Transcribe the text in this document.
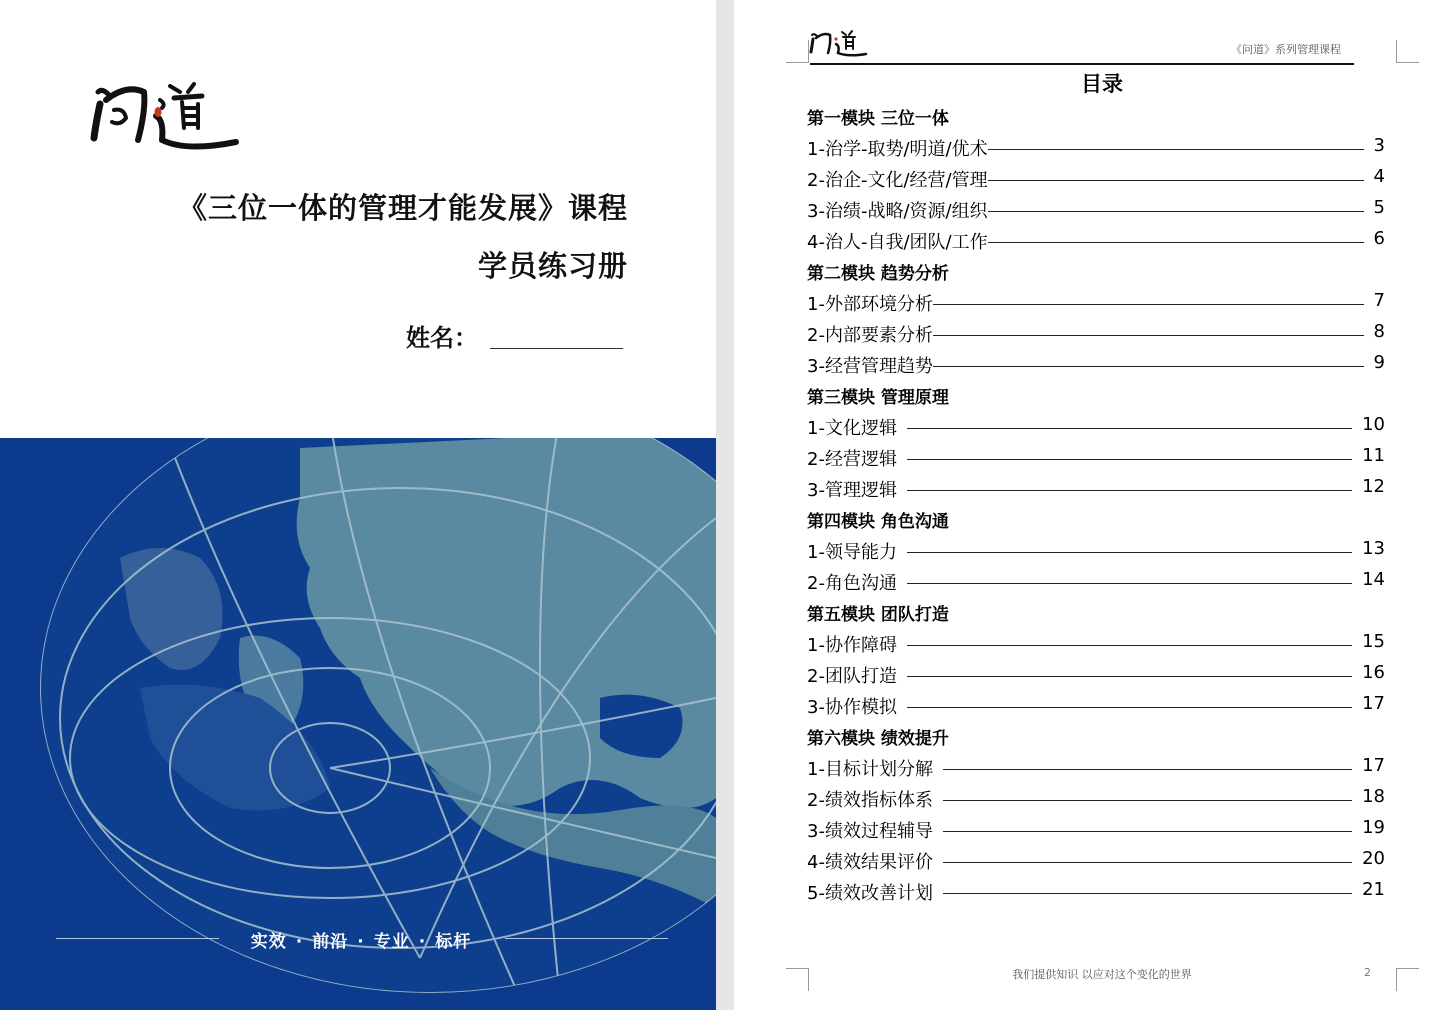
《三位一体的管理才能发展》课程
学员练习册
姓名：
实效 · 前沿 · 专业 · 标杆
《问道》系列管理课程
目录
第一模块 三位一体
1-治学-取势/明道/优术	3
2-治企-文化/经营/管理	4
3-治绩-战略/资源/组织	5
4-治人-自我/团队/工作	6
第二模块 趋势分析
1-外部环境分析	7
2-内部要素分析	8
3-经营管理趋势	9
第三模块 管理原理
1-文化逻辑	10
2-经营逻辑	11
3-管理逻辑	12
第四模块 角色沟通
1-领导能力	13
2-角色沟通	14
第五模块 团队打造
1-协作障碍	15
2-团队打造	16
3-协作模拟	17
第六模块 绩效提升
1-目标计划分解	17
2-绩效指标体系	18
3-绩效过程辅导	19
4-绩效结果评价	20
5-绩效改善计划	21
我们提供知识 以应对这个变化的世界	2
